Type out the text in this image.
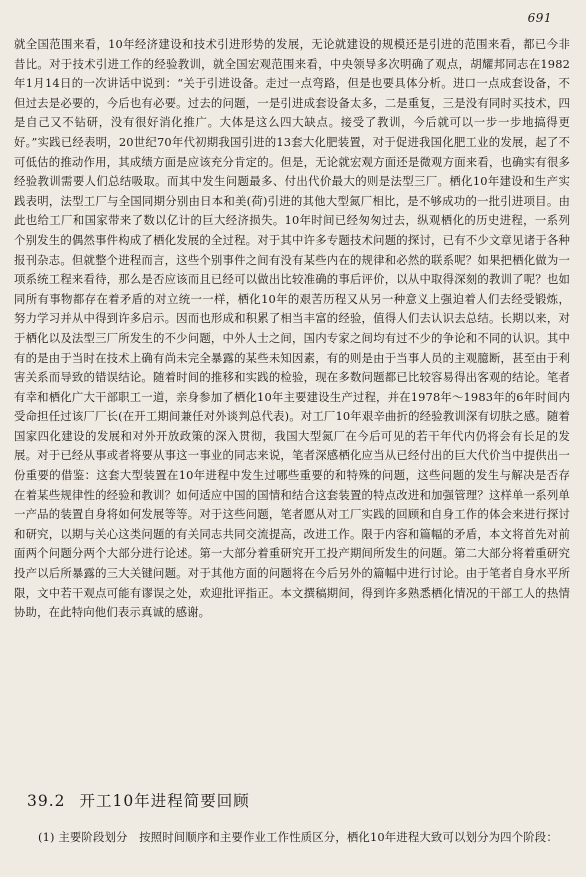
691

就全国范围来看，10年经济建设和技术引进形势的发展，无论就建设的规模还是引进的范围来看，都已今非昔比。对于技术引进工作的经验教训，就全国宏观范围来看，中央领导多次明确了观点，胡耀邦同志在1982年1月14日的一次讲话中说到：“关于引进设备。走过一点弯路，但是也要具体分析。进口一点成套设备，不但过去是必要的，今后也有必要。过去的问题，一是引进成套设备太多，二是重复，三是没有同时买技术，四是自己又不钻研，没有很好消化推广。大体是这么四大缺点。接受了教训，今后就可以一步一步地搞得更好。”实践已经表明，20世纪70年代初期我国引进的13套大化肥装置，对于促进我国化肥工业的发展，起了不可低估的推动作用，其成绩方面是应该充分肯定的。但是，无论就宏观方面还是微观方面来看，也确实有很多经验教训需要人们总结吸取。而其中发生问题最多、付出代价最大的则是法型三厂。栖化10年建设和生产实践表明，法型工厂与全国同期分别由日本和美(荷)引进的其他大型氮厂相比，是不够成功的一批引进项目。由此也给工厂和国家带来了数以亿计的巨大经济损失。10年时间已经匆匆过去，纵观栖化的历史进程，一系列个别发生的偶然事件构成了栖化发展的全过程。对于其中许多专题技术问题的探讨，已有不少文章见诸于各种报刊杂志。但就整个进程而言，这些个别事件之间有没有某些内在的规律和必然的联系呢？如果把栖化做为一项系统工程来看待，那么是否应该而且已经可以做出比较准确的事后评价，以从中取得深刻的教训了呢？也如同所有事物都存在着矛盾的对立统一一样，栖化10年的艰苦历程又从另一种意义上强迫着人们去经受锻炼，努力学习并从中得到许多启示。因而也形成和积累了相当丰富的经验，值得人们去认识去总结。长期以来，对于栖化以及法型三厂所发生的不少问题，中外人士之间，国内专家之间均有过不少的争论和不同的认识。其中有的是由于当时在技术上确有尚未完全暴露的某些未知因素，有的则是由于当事人员的主观臆断，甚至由于利害关系而导致的错误结论。随着时间的推移和实践的检验，现在多数问题都已比较容易得出客观的结论。笔者有幸和栖化广大干部职工一道，亲身参加了栖化10年主要建设生产过程，并在1978年～1983年的6年时间内受命担任过该厂厂长(在开工期间兼任对外谈判总代表)。对工厂10年艰辛曲折的经验教训深有切肤之感。随着国家四化建设的发展和对外开放政策的深入贯彻，我国大型氮厂在今后可见的若干年代内仍将会有长足的发展。对于已经从事或者将要从事这一事业的同志来说，笔者深感栖化应当从已经付出的巨大代价当中提供出一份重要的借鉴：这套大型装置在10年进程中发生过哪些重要的和特殊的问题，这些问题的发生与解决是否存在着某些规律性的经验和教训？如何适应中国的国情和结合这套装置的特点改进和加强管理？这样单一系列单一产品的装置自身将如何发展等等。对于这些问题，笔者愿从对工厂实践的回顾和自身工作的体会来进行探讨和研究，以期与关心这类问题的有关同志共同交流提高，改进工作。限于内容和篇幅的矛盾，本文将首先对前面两个问题分两个大部分进行论述。第一大部分着重研究开工投产期间所发生的问题。第二大部分将着重研究投产以后所暴露的三大关键问题。对于其他方面的问题将在今后另外的篇幅中进行讨论。由于笔者自身水平所限，文中若干观点可能有谬误之处，欢迎批评指正。本文撰稿期间，得到许多熟悉栖化情况的干部工人的热情协助，在此特向他们表示真诚的感谢。

39.2 开工10年进程简要回顾

(1) 主要阶段划分　按照时间顺序和主要作业工作性质区分，栖化10年进程大致可以划分为四个阶段：
